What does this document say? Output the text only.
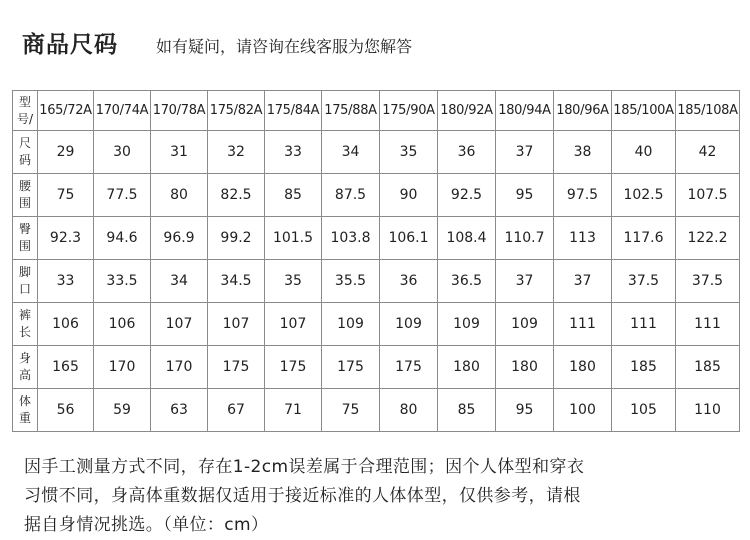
商品尺码 如有疑问，请咨询在线客服为您解答
型号/	165/72A	170/74A	170/78A	175/82A	175/84A	175/88A	175/90A	180/92A	180/94A	180/96A	185/100A	185/108A
尺码	29	30	31	32	33	34	35	36	37	38	40	42
腰围	75	77.5	80	82.5	85	87.5	90	92.5	95	97.5	102.5	107.5
臀围	92.3	94.6	96.9	99.2	101.5	103.8	106.1	108.4	110.7	113	117.6	122.2
脚口	33	33.5	34	34.5	35	35.5	36	36.5	37	37	37.5	37.5
裤长	106	106	107	107	107	109	109	109	109	111	111	111
身高	165	170	170	175	175	175	175	180	180	180	185	185
体重	56	59	63	67	71	75	80	85	95	100	105	110
因手工测量方式不同，存在1-2cm误差属于合理范围；因个人体型和穿衣
习惯不同，身高体重数据仅适用于接近标准的人体体型，仅供参考，请根
据自身情况挑选。（单位：cm）
